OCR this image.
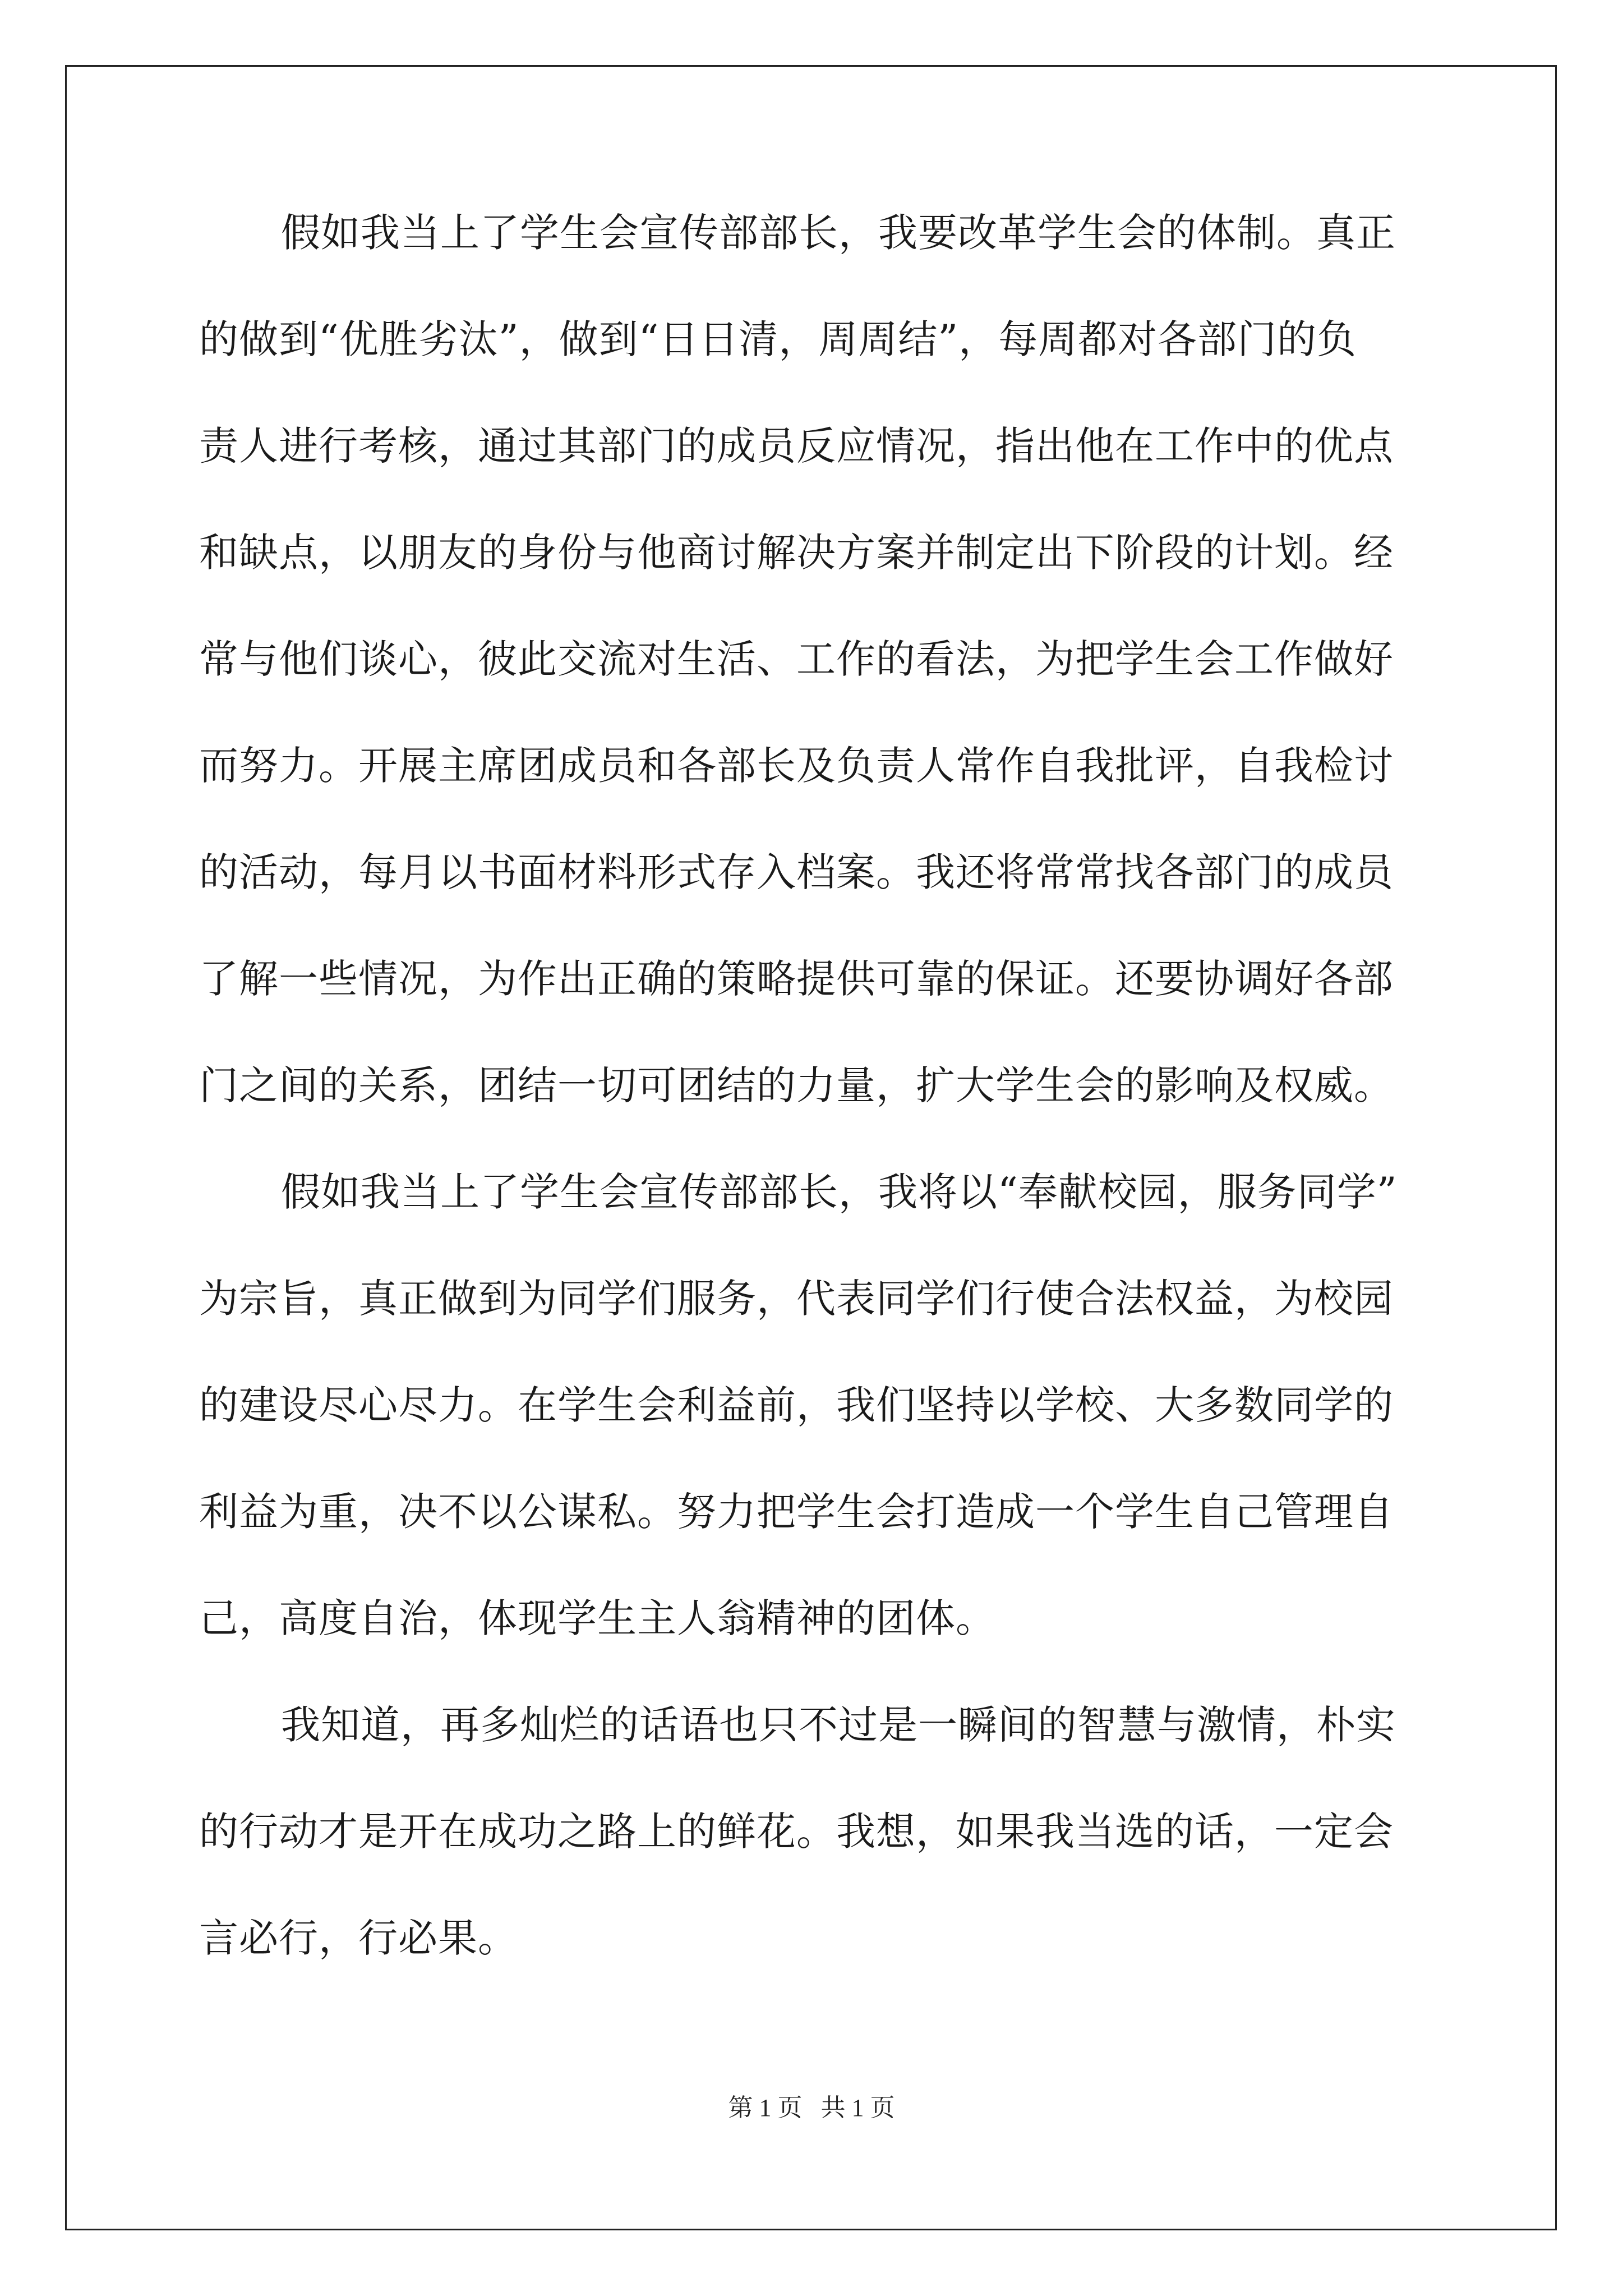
假如我当上了学生会宣传部部长，我要改革学生会的体制。真正
的做到“优胜劣汰”，做到“日日清，周周结”，每周都对各部门的负
责人进行考核，通过其部门的成员反应情况，指出他在工作中的优点
和缺点，以朋友的身份与他商讨解决方案并制定出下阶段的计划。经
常与他们谈心，彼此交流对生活、工作的看法，为把学生会工作做好
而努力。开展主席团成员和各部长及负责人常作自我批评，自我检讨
的活动，每月以书面材料形式存入档案。我还将常常找各部门的成员
了解一些情况，为作出正确的策略提供可靠的保证。还要协调好各部
门之间的关系，团结一切可团结的力量，扩大学生会的影响及权威。
假如我当上了学生会宣传部部长，我将以“奉献校园，服务同学”
为宗旨，真正做到为同学们服务，代表同学们行使合法权益，为校园
的建设尽心尽力。在学生会利益前，我们坚持以学校、大多数同学的
利益为重，决不以公谋私。努力把学生会打造成一个学生自己管理自
己，高度自治，体现学生主人翁精神的团体。
我知道，再多灿烂的话语也只不过是一瞬间的智慧与激情，朴实
的行动才是开在成功之路上的鲜花。我想，如果我当选的话，一定会
言必行，行必果。
第 1 页 共 1 页
